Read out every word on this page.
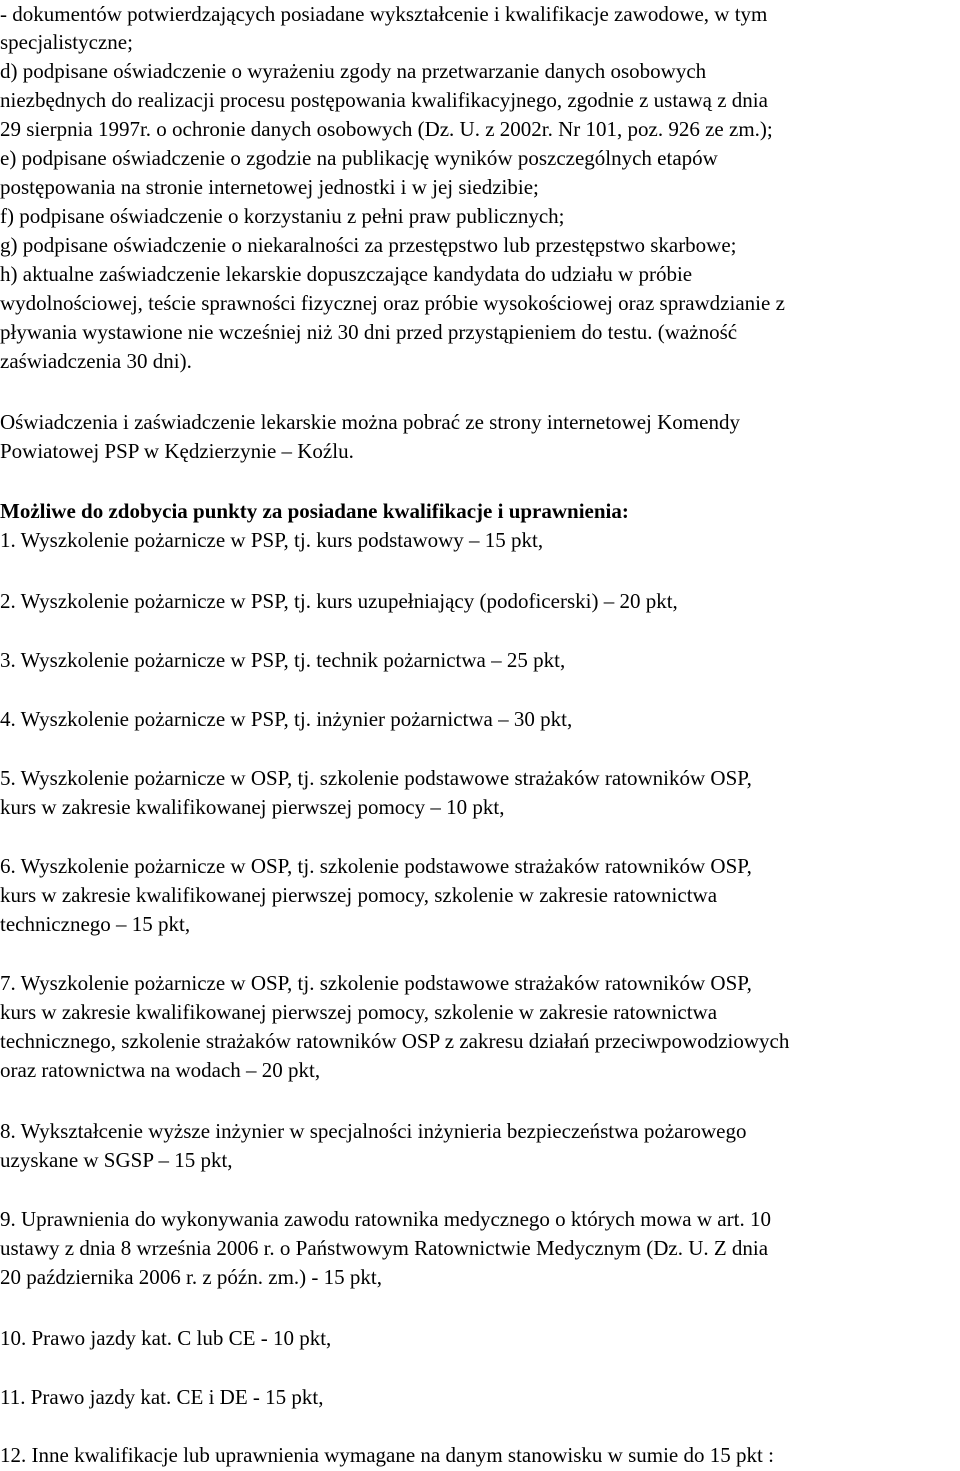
- dokumentów potwierdzających posiadane wykształcenie i kwalifikacje zawodowe, w tym
specjalistyczne;
d) podpisane oświadczenie o wyrażeniu zgody na przetwarzanie danych osobowych
niezbędnych do realizacji procesu postępowania kwalifikacyjnego, zgodnie z ustawą z dnia
29 sierpnia 1997r. o ochronie danych osobowych (Dz. U. z 2002r. Nr 101, poz. 926 ze zm.);
e) podpisane oświadczenie o zgodzie na publikację wyników poszczególnych etapów
postępowania na stronie internetowej jednostki i w jej siedzibie;
f) podpisane oświadczenie o korzystaniu z pełni praw publicznych;
g) podpisane oświadczenie o niekaralności za przestępstwo lub przestępstwo skarbowe;
h) aktualne zaświadczenie lekarskie dopuszczające kandydata do udziału w próbie
wydolnościowej, teście sprawności fizycznej oraz próbie wysokościowej oraz sprawdzianie z
pływania wystawione nie wcześniej niż 30 dni przed przystąpieniem do testu. (ważność
zaświadczenia 30 dni).
Oświadczenia i zaświadczenie lekarskie można pobrać ze strony internetowej Komendy
Powiatowej PSP w Kędzierzynie – Koźlu.
Możliwe do zdobycia punkty za posiadane kwalifikacje i uprawnienia:
1. Wyszkolenie pożarnicze w PSP, tj. kurs podstawowy – 15 pkt,
2. Wyszkolenie pożarnicze w PSP, tj. kurs uzupełniający (podoficerski) – 20 pkt,
3. Wyszkolenie pożarnicze w PSP, tj. technik pożarnictwa – 25 pkt,
4. Wyszkolenie pożarnicze w PSP, tj. inżynier pożarnictwa – 30 pkt,
5. Wyszkolenie pożarnicze w OSP, tj. szkolenie podstawowe strażaków ratowników OSP,
kurs w zakresie kwalifikowanej pierwszej pomocy – 10 pkt,
6. Wyszkolenie pożarnicze w OSP, tj. szkolenie podstawowe strażaków ratowników OSP,
kurs w zakresie kwalifikowanej pierwszej pomocy, szkolenie w zakresie ratownictwa
technicznego – 15 pkt,
7. Wyszkolenie pożarnicze w OSP, tj. szkolenie podstawowe strażaków ratowników OSP,
kurs w zakresie kwalifikowanej pierwszej pomocy, szkolenie w zakresie ratownictwa
technicznego, szkolenie strażaków ratowników OSP z zakresu działań przeciwpowodziowych
oraz ratownictwa na wodach – 20 pkt,
8. Wykształcenie wyższe inżynier w specjalności inżynieria bezpieczeństwa pożarowego
uzyskane w SGSP – 15 pkt,
9. Uprawnienia do wykonywania zawodu ratownika medycznego o których mowa w art. 10
ustawy z dnia 8 września 2006 r. o Państwowym Ratownictwie Medycznym (Dz. U. Z dnia
20 października 2006 r. z późn. zm.) - 15 pkt,
10. Prawo jazdy kat. C lub CE - 10 pkt,
11. Prawo jazdy kat. CE i DE - 15 pkt,
12. Inne kwalifikacje lub uprawnienia wymagane na danym stanowisku w sumie do 15 pkt :
